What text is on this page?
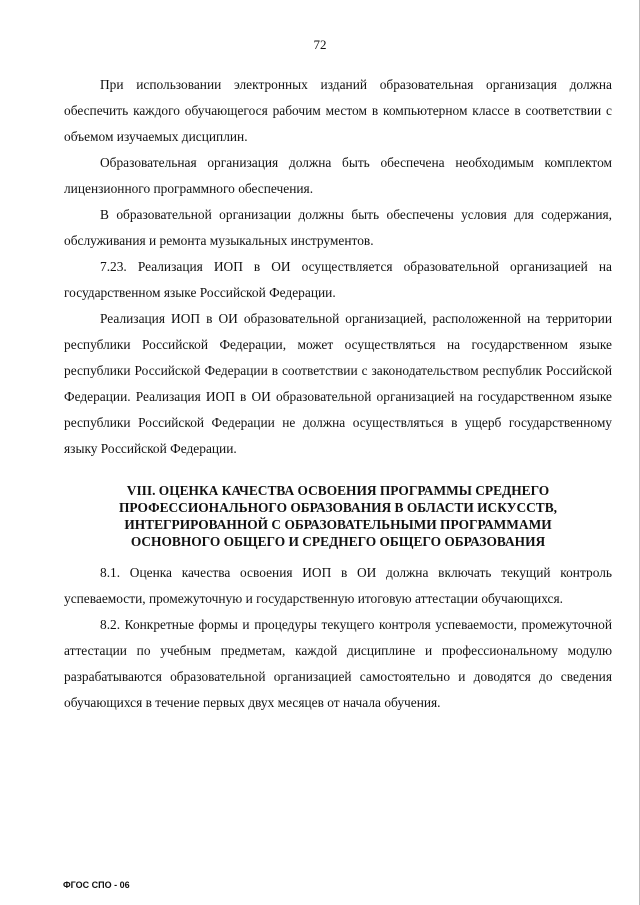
72

При использовании электронных изданий образовательная организация должна обеспечить каждого обучающегося рабочим местом в компьютерном классе в соответствии с объемом изучаемых дисциплин.

Образовательная организация должна быть обеспечена необходимым комплектом лицензионного программного обеспечения.

В образовательной организации должны быть обеспечены условия для содержания, обслуживания и ремонта музыкальных инструментов.

7.23. Реализация ИОП в ОИ осуществляется образовательной организацией на государственном языке Российской Федерации.

Реализация ИОП в ОИ образовательной организацией, расположенной на территории республики Российской Федерации, может осуществляться на государственном языке республики Российской Федерации в соответствии с законодательством республик Российской Федерации. Реализация ИОП в ОИ образовательной организацией на государственном языке республики Российской Федерации не должна осуществляться в ущерб государственному языку Российской Федерации.

VIII. ОЦЕНКА КАЧЕСТВА ОСВОЕНИЯ ПРОГРАММЫ СРЕДНЕГО
ПРОФЕССИОНАЛЬНОГО ОБРАЗОВАНИЯ В ОБЛАСТИ ИСКУССТВ,
ИНТЕГРИРОВАННОЙ С ОБРАЗОВАТЕЛЬНЫМИ ПРОГРАММАМИ
ОСНОВНОГО ОБЩЕГО И СРЕДНЕГО ОБЩЕГО ОБРАЗОВАНИЯ

8.1. Оценка качества освоения ИОП в ОИ должна включать текущий контроль успеваемости, промежуточную и государственную итоговую аттестации обучающихся.

8.2. Конкретные формы и процедуры текущего контроля успеваемости, промежуточной аттестации по учебным предметам, каждой дисциплине и профессиональному модулю разрабатываются образовательной организацией самостоятельно и доводятся до сведения обучающихся в течение первых двух месяцев от начала обучения.

ФГОС СПО - 06
